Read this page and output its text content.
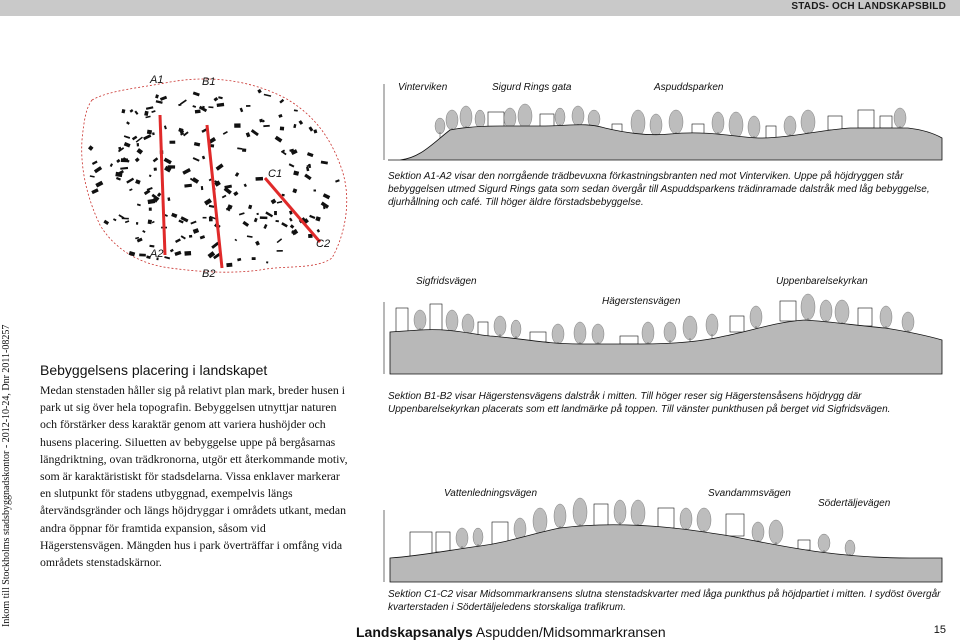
STADS- OCH LANDSKAPSBILD
Inkom till Stockholms stadsbyggnadskontor - 2012-10-24, Dnr 2011-08257
A1	B1
C1
A2
B2
C2
Bebyggelsens placering i landskapet

Medan stenstaden håller sig på relativt plan mark, breder husen i park ut sig över hela topografin. Bebyggelsen utnyttjar naturen och förstärker dess karaktär genom att variera hushöjder och husens placering. Siluetten av bebyggelse uppe på bergåsarnas längdriktning, ovan trädkronorna, utgör ett återkommande motiv, som är karaktäristiskt för stadsdelarna. Vissa enklaver markerar en slutpunkt för stadens utbyggnad, exempelvis längs återvändsgränder och längs höjdryggar i områdets utkant, medan andra öppnar för framtida expansion, såsom vid Hägerstensvägen. Mängden hus i park överträffar i omfång vida områdets stenstadskärnor.

Vinterviken	Sigurd Rings gata	Aspuddsparken
Sektion A1-A2 visar den norrgående trädbevuxna förkastningsbranten ned mot Vinterviken. Uppe på höjdryggen står bebyggelsen utmed Sigurd Rings gata som sedan övergår till Aspuddsparkens trädinramade dalstråk med låg bebyggelse, djurhållning och café. Till höger äldre förstadsbebyggelse.
Sigfridsvägen	Uppenbarelsekyrkan
Hägerstensvägen
Sektion B1-B2 visar Hägerstensvägens dalstråk i mitten. Till höger reser sig Hägerstensåsens höjdrygg där Uppenbarelsekyrkan placerats som ett landmärke på toppen. Till vänster punkthusen på berget vid Sigfridsvägen.
Vattenledningsvägen	Svandammsvägen
Södertäljevägen
Sektion C1-C2 visar Midsommarkransens slutna stenstadskvarter med låga punkthus på höjdpartiet i mitten. I sydöst övergår kvarterstaden i Södertäljeledens storskaliga trafikrum.
Landskapsanalys Aspudden/Midsommarkransen	15
